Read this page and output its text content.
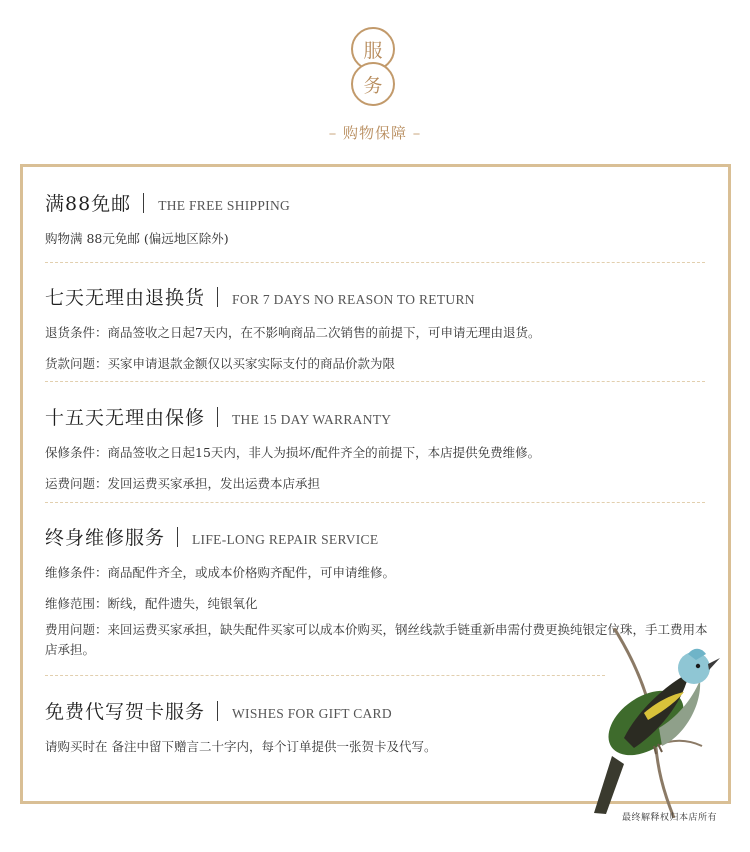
服
务
– 购物保障 –
满88免邮 THE FREE SHIPPING
购物满 88元免邮 (偏远地区除外)
七天无理由退换货 FOR 7 DAYS NO REASON TO RETURN
退货条件：商品签收之日起7天内，在不影响商品二次销售的前提下，可申请无理由退货。
货款问题：买家申请退款金额仅以买家实际支付的商品价款为限
十五天无理由保修 THE 15 DAY WARRANTY
保修条件：商品签收之日起15天内，非人为损坏/配件齐全的前提下，本店提供免费维修。
运费问题：发回运费买家承担，发出运费本店承担
终身维修服务 LIFE-LONG REPAIR SERVICE
维修条件：商品配件齐全，或成本价格购齐配件，可申请维修。
维修范围：断线，配件遗失，纯银氧化
费用问题：来回运费买家承担，缺失配件买家可以成本价购买，钢丝线款手链重新串需付费更换纯银定位珠，手工费用本店承担。
免费代写贺卡服务 WISHES FOR GIFT CARD
请购买时在 备注中留下赠言二十字内，每个订单提供一张贺卡及代写。
最终解释权归本店所有
